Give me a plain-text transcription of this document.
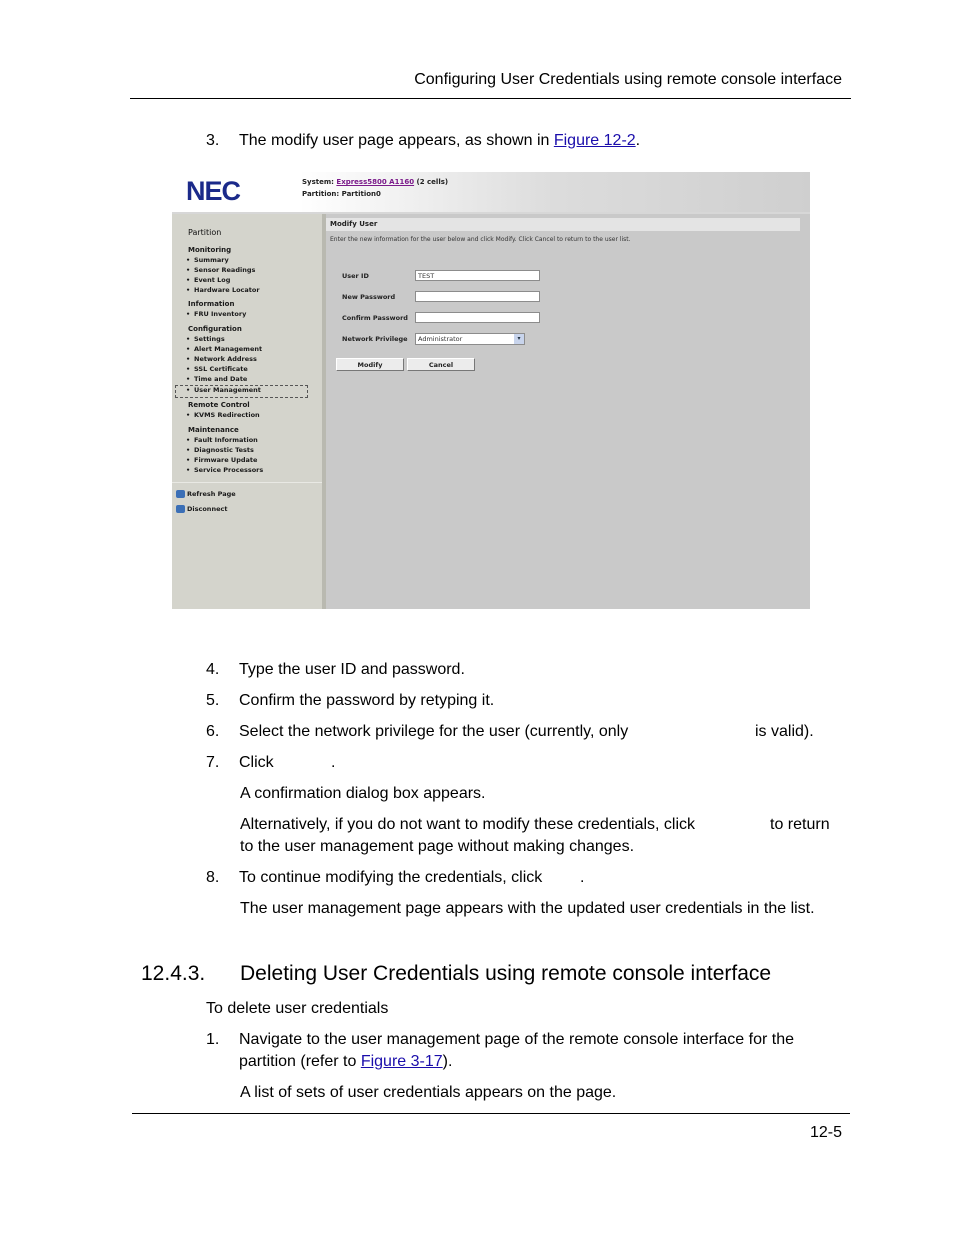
Configuring User Credentials using remote console interface
3. The modify user page appears, as shown in Figure 12-2.
NEC	System: Express5800 A1160 (2 cells)
Partition: Partition0
Partition
Monitoring
• Summary
• Sensor Readings
• Event Log
• Hardware Locator
Information
• FRU Inventory
Configuration
• Settings
• Alert Management
• Network Address
• SSL Certificate
• Time and Date
• User Management
Remote Control
• KVMS Redirection
Maintenance
• Fault Information
• Diagnostic Tests
• Firmware Update
• Service Processors
Refresh Page
Disconnect
Modify User
Enter the new information for the user below and click Modify. Click Cancel to return to the user list.
User ID	TEST
New Password
Confirm Password
Network Privilege	Administrator	▾
Modify	Cancel
4. Type the user ID and password.
5. Confirm the password by retyping it.
6. Select the network privilege for the user (currently, only	is valid).
7. Click	.
A confirmation dialog box appears.
Alternatively, if you do not want to modify these credentials, click	to return
to the user management page without making changes.
8. To continue modifying the credentials, click .
The user management page appears with the updated user credentials in the list.
12.4.3. Deleting User Credentials using remote console interface
To delete user credentials
1. Navigate to the user management page of the remote console interface for the
partition (refer to Figure 3-17).
A list of sets of user credentials appears on the page.
12-5
